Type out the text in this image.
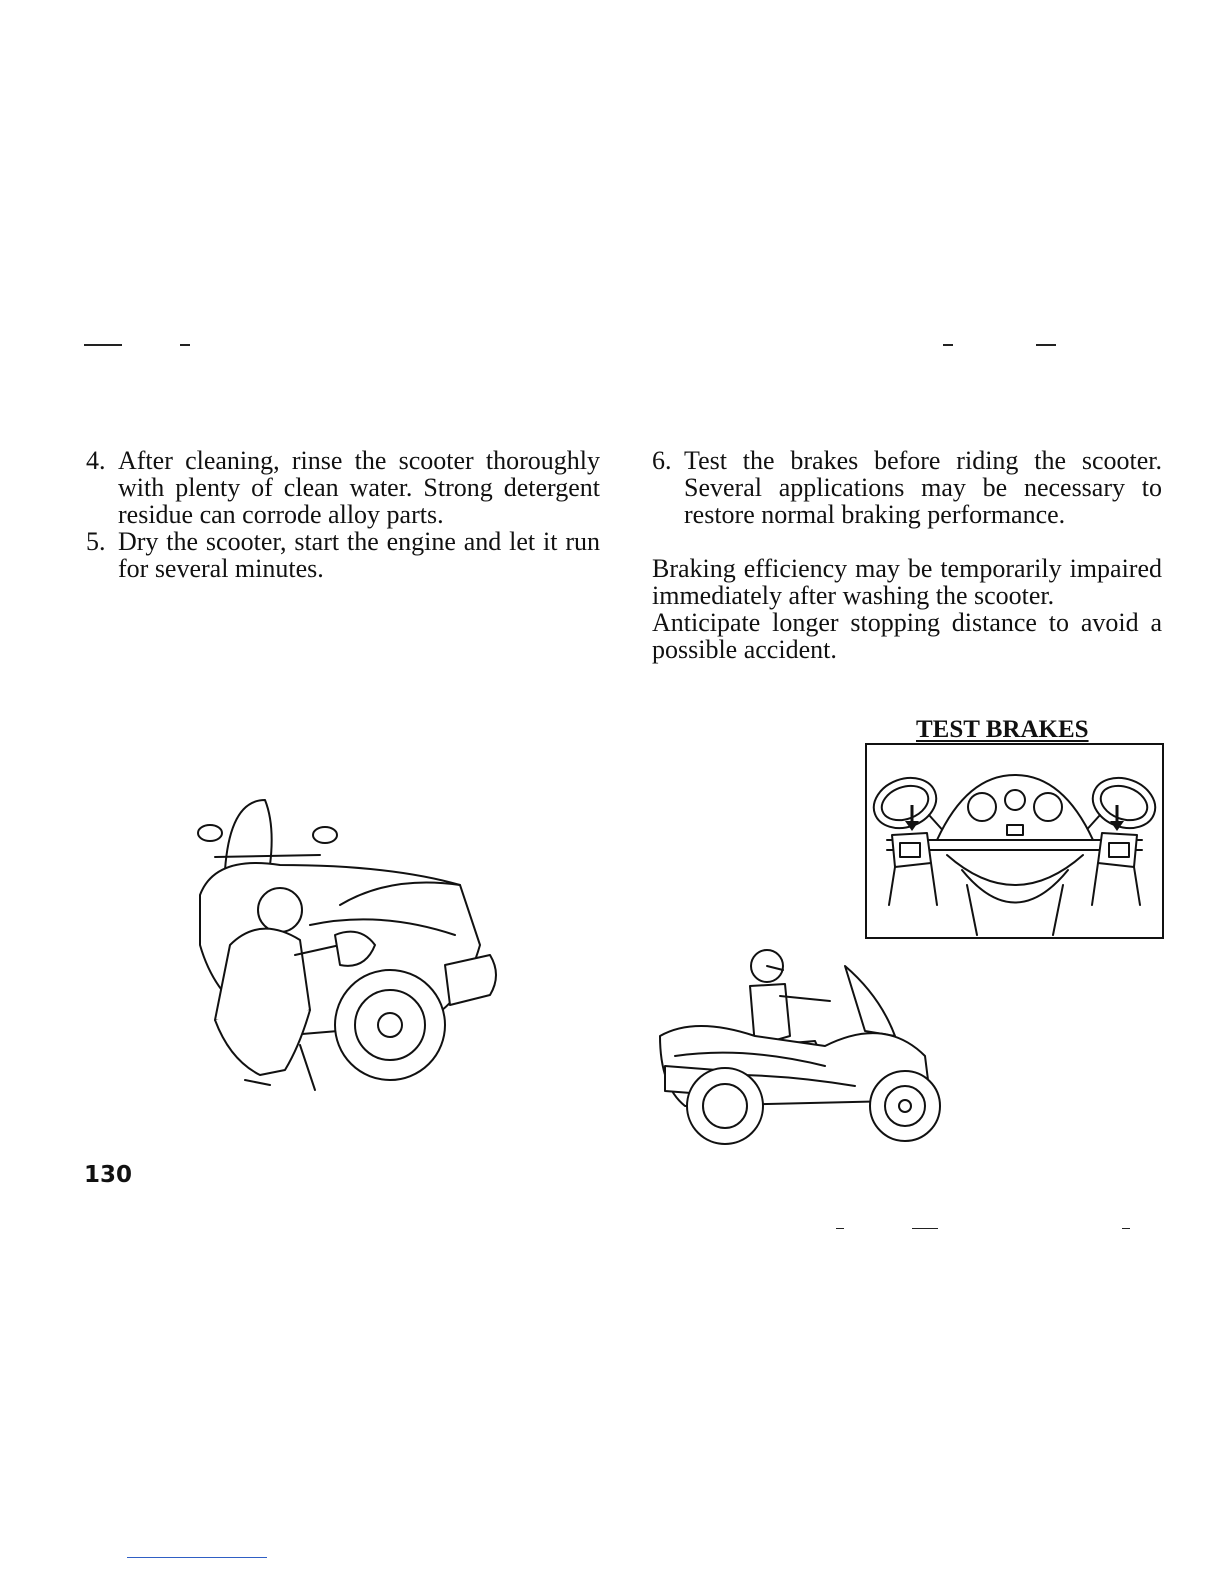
4. After cleaning, rinse the scooter thoroughly with plenty of clean water. Strong detergent residue can corrode alloy parts.
5. Dry the scooter, start the engine and let it run for several minutes.
6. Test the brakes before riding the scooter. Several applications may be necessary to restore normal braking performance.

Braking efficiency may be temporarily impaired immediately after washing the scooter.

Anticipate longer stopping distance to avoid a possible accident.

TEST BRAKES
130
